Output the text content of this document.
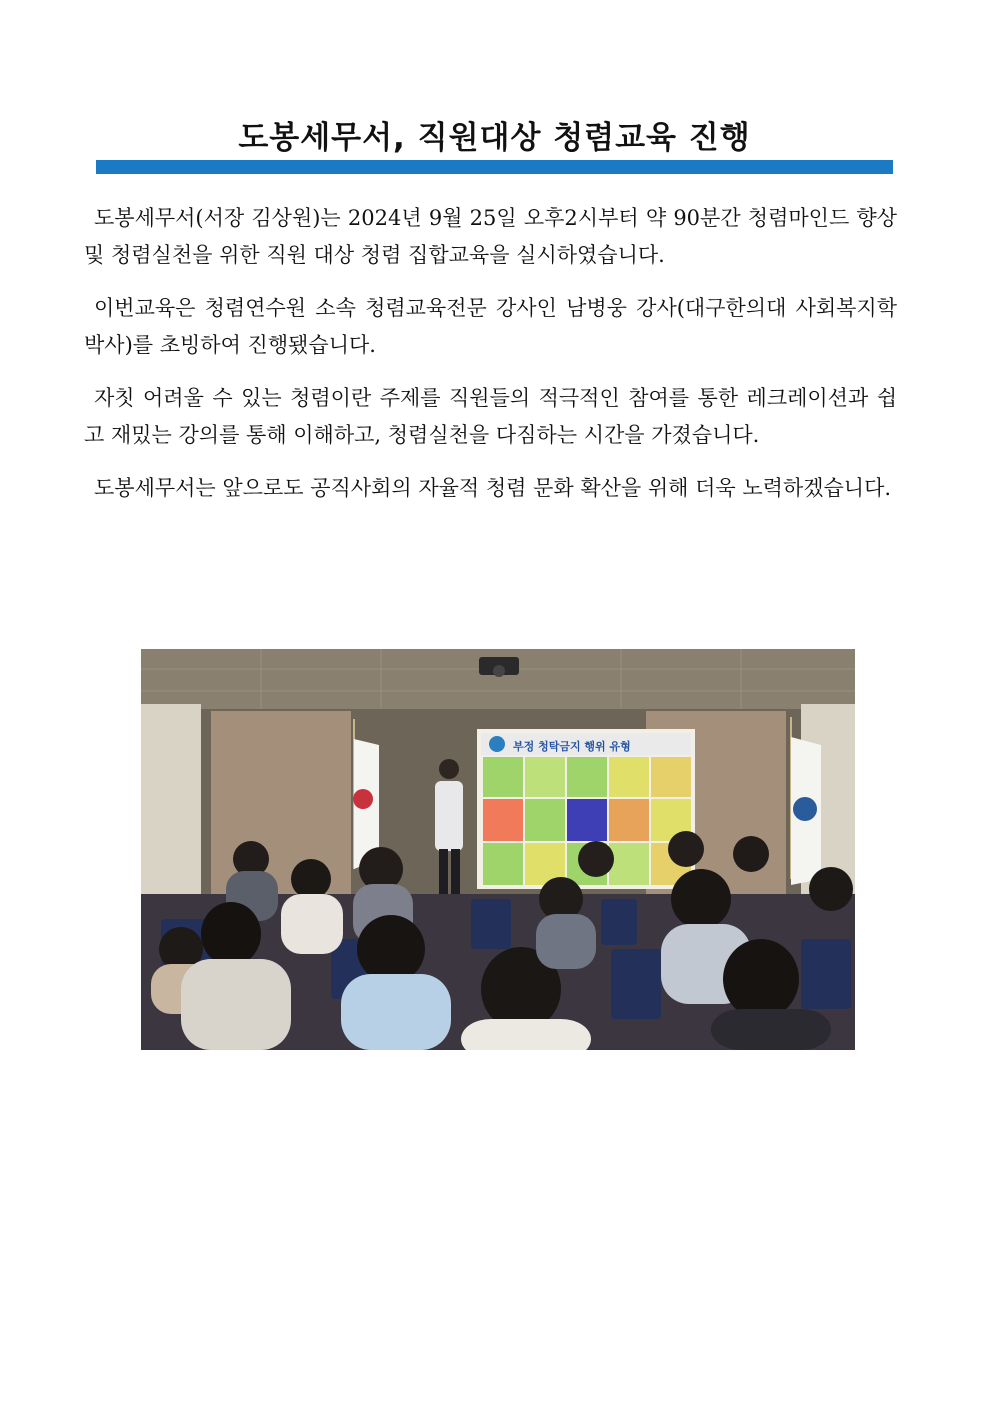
도봉세무서, 직원대상 청렴교육 진행

도봉세무서(서장 김상원)는 2024년 9월 25일 오후2시부터 약 90분간 청렴마인드 향상 및 청렴실천을 위한 직원 대상 청렴 집합교육을 실시하였습니다.

이번교육은 청렴연수원 소속 청렴교육전문 강사인 남병웅 강사(대구한의대 사회복지학 박사)를 초빙하여 진행됐습니다.

자칫 어려울 수 있는 청렴이란 주제를 직원들의 적극적인 참여를 통한 레크레이션과 쉽고 재밌는 강의를 통해 이해하고, 청렴실천을 다짐하는 시간을 가졌습니다.

도봉세무서는 앞으로도 공직사회의 자율적 청렴 문화 확산을 위해 더욱 노력하겠습니다.

부정 청탁금지 행위 유형
